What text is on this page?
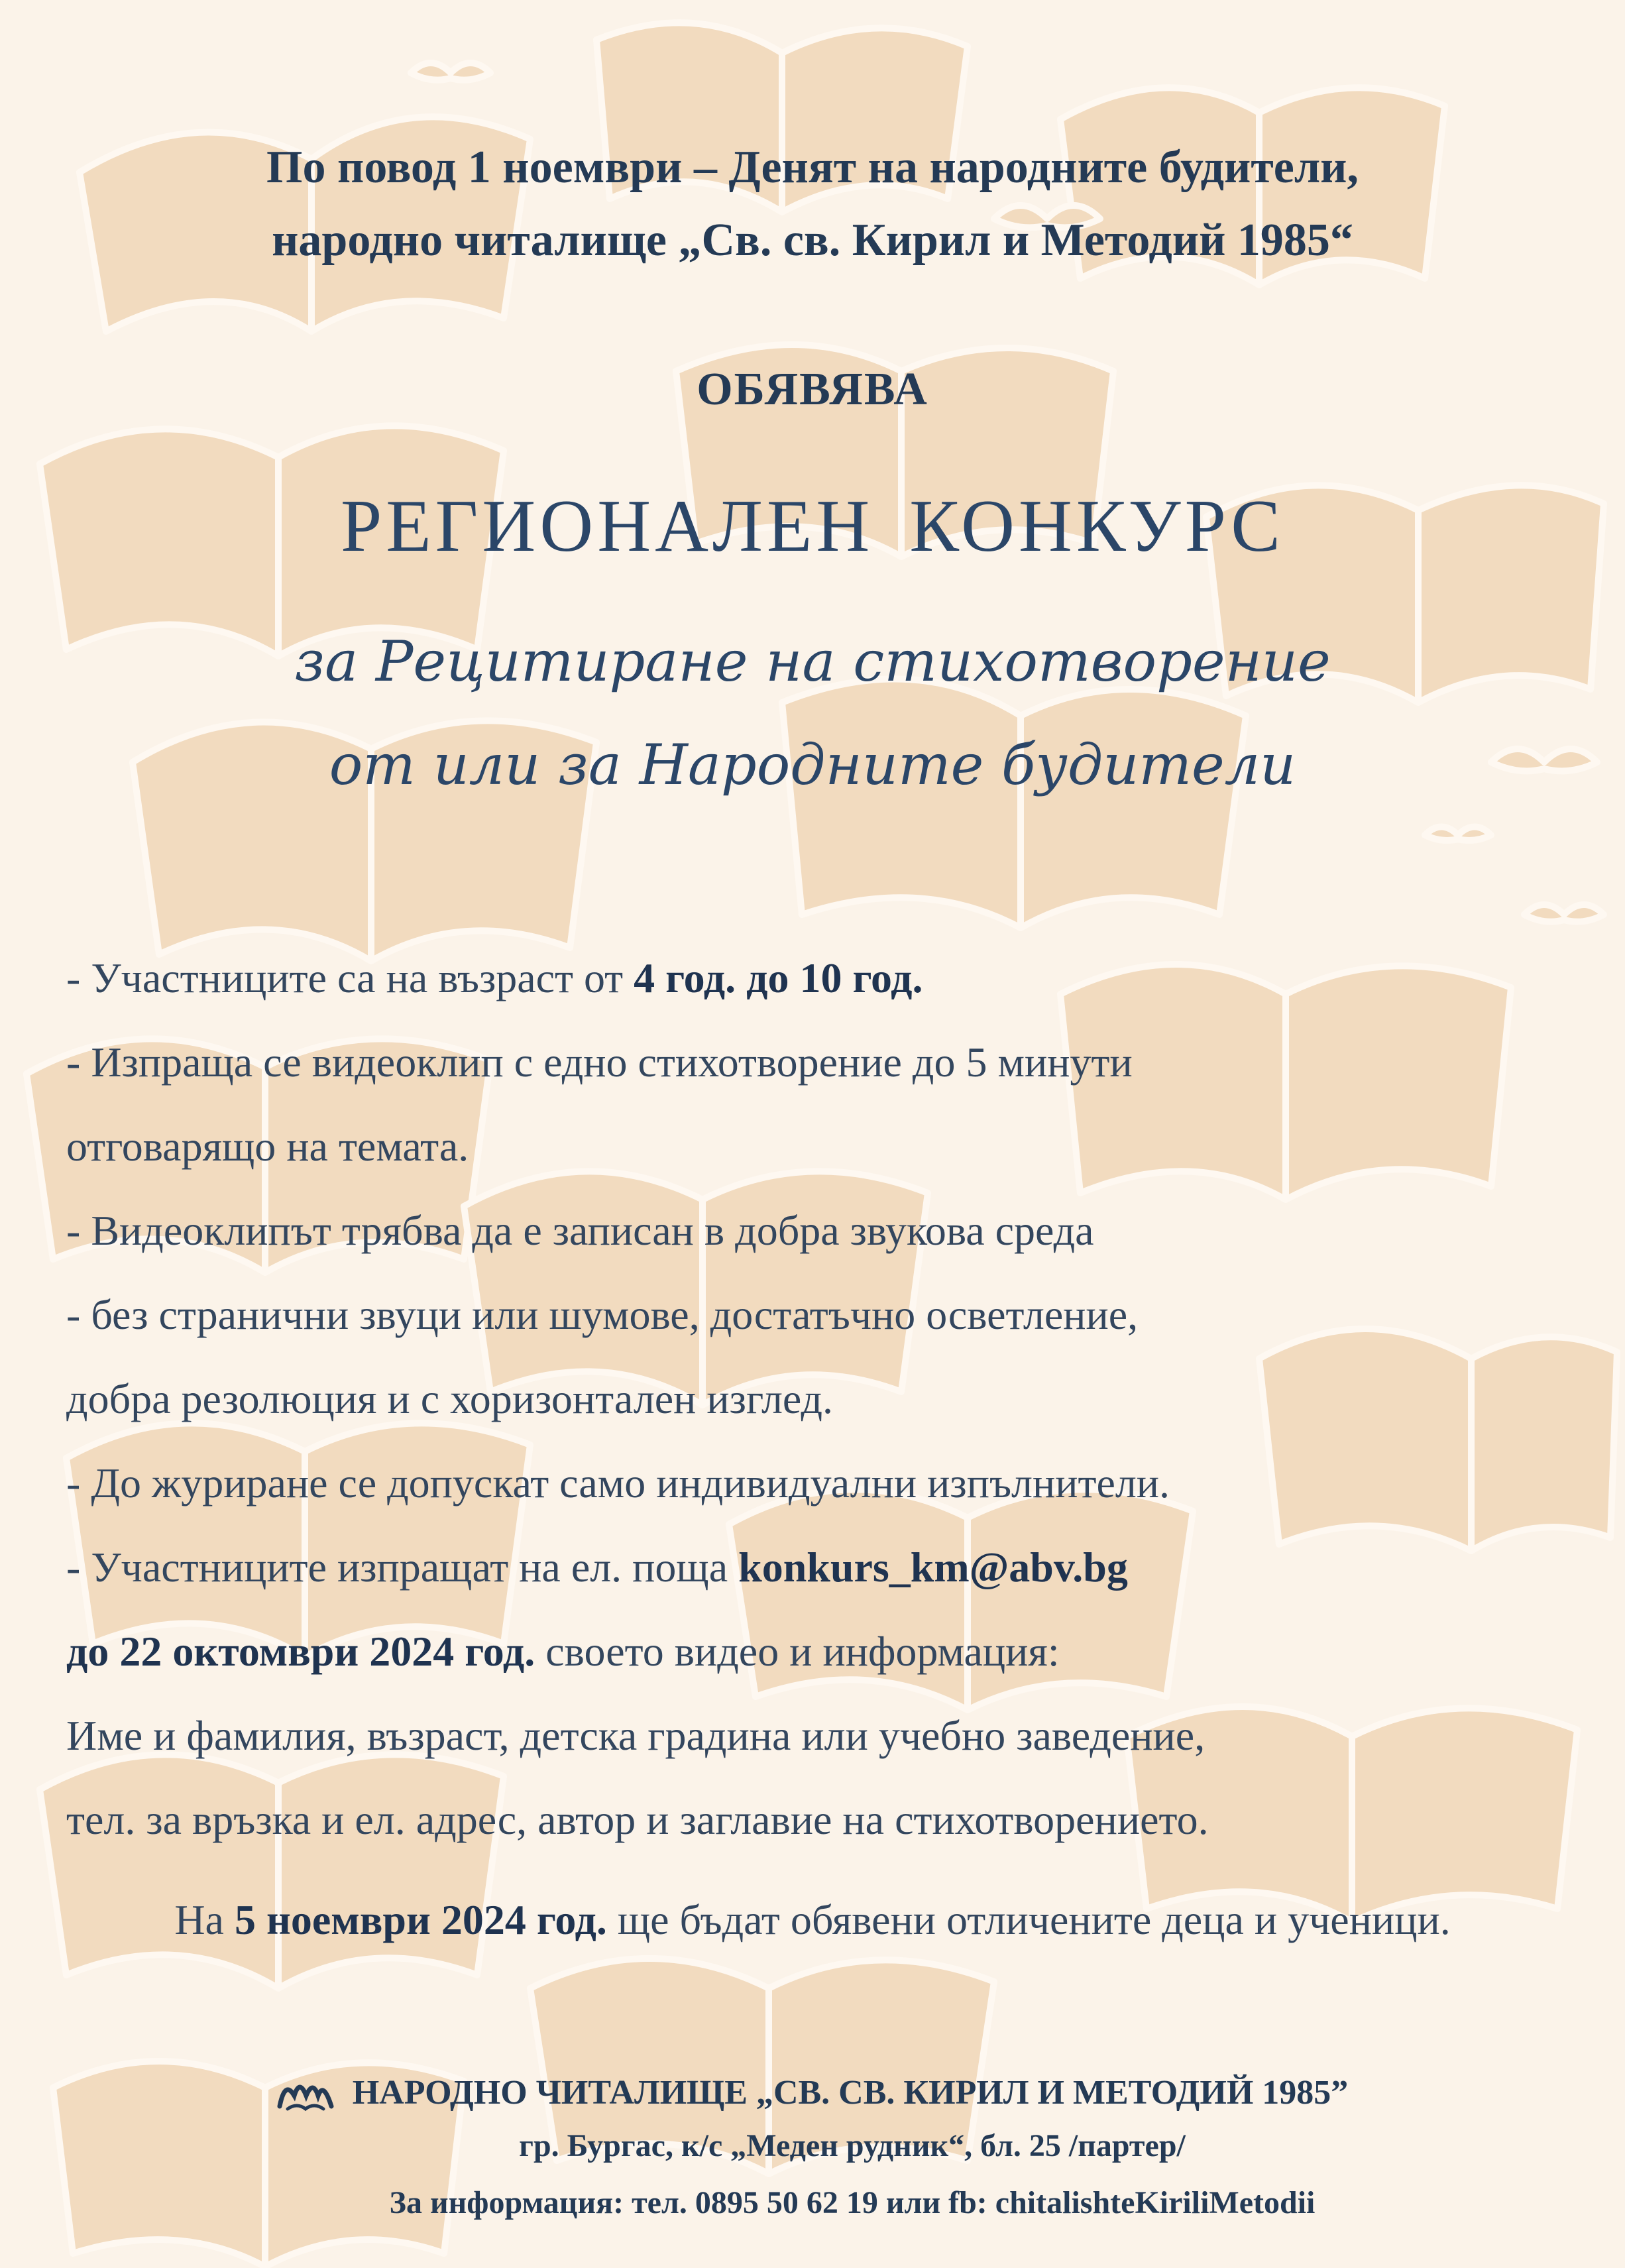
По повод 1 ноември – Денят на народните будители,
народно читалище „Св. св. Кирил и Методий 1985“
ОБЯВЯВА
РЕГИОНАЛЕН КОНКУРС
за Рецитиране на стихотворение
от или за Народните будители
- Участниците са на възраст от 4 год. до 10 год.
- Изпраща се видеоклип с едно стихотворение до 5 минути
отговарящо на темата.
- Видеоклипът трябва да е записан в добра звукова среда
- без странични звуци или шумове, достатъчно осветление,
добра резолюция и с хоризонтален изглед.
- До журиране се допускат само индивидуални изпълнители.
- Участниците изпращат на ел. поща konkurs_km@abv.bg
до 22 октомври 2024 год. своето видео и информация:
Име и фамилия, възраст, детска градина или учебно заведение,
тел. за връзка и ел. адрес, автор и заглавие на стихотворението.
На 5 ноември 2024 год. ще бъдат обявени отличените деца и ученици.
НАРОДНО ЧИТАЛИЩЕ „СВ. СВ. КИРИЛ И МЕТОДИЙ 1985”
гр. Бургас, к/с „Меден рудник“, бл. 25 /партер/
За информация: тел. 0895 50 62 19 или fb: chitalishteKiriliMetodii
